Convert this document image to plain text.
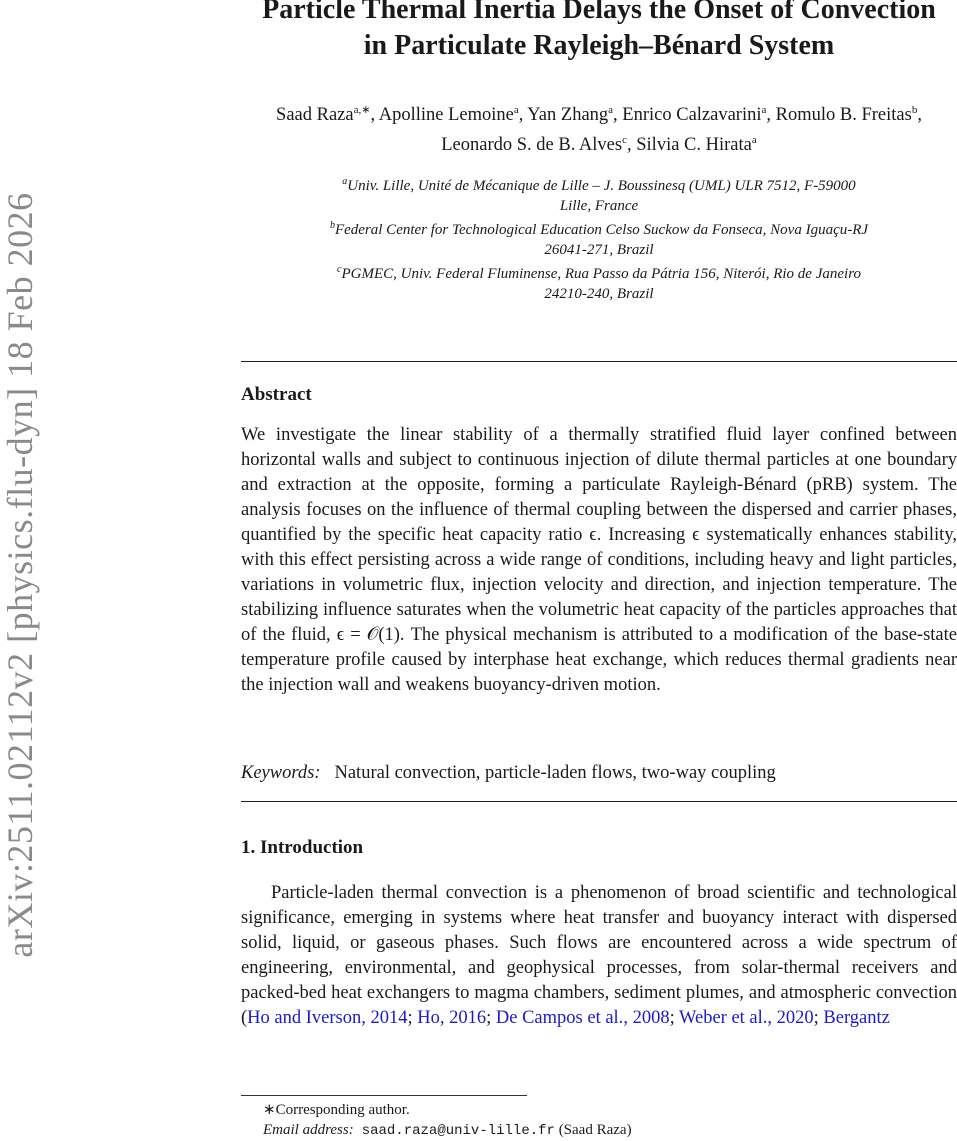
arXiv:2511.02112v2 [physics.flu-dyn] 18 Feb 2026
Particle Thermal Inertia Delays the Onset of Convection
in Particulate Rayleigh–Bénard System
Saad Raza$^{a,∗}$, Apolline Lemoine$^a$, Yan Zhang$^a$, Enrico Calzavarini$^a$, Romulo B. Freitas$^b$, Leonardo S. de B. Alves$^c$, Silvia C. Hirata$^a$
$^a$Univ. Lille, Unité de Mécanique de Lille – J. Boussinesq (UML) ULR 7512, F-59000
Lille, France
$^b$Federal Center for Technological Education Celso Suckow da Fonseca, Nova Iguaçu-RJ
26041-271, Brazil
$^c$PGMEC, Univ. Federal Fluminense, Rua Passo da Pátria 156, Niterói, Rio de Janeiro
24210-240, Brazil
Abstract

We investigate the linear stability of a thermally stratified fluid layer confined between horizontal walls and subject to continuous injection of dilute thermal particles at one boundary and extraction at the opposite, forming a particulate Rayleigh-Bénard (pRB) system. The analysis focuses on the influence of thermal coupling between the dispersed and carrier phases, quantified by the specific heat capacity ratio ϵ. Increasing ϵ systematically enhances stability, with this effect persisting across a wide range of conditions, including heavy and light particles, variations in volumetric flux, injection velocity and direction, and injection temperature. The stabilizing influence saturates when the volumetric heat capacity of the particles approaches that of the fluid, ϵ = 𝒪(1). The physical mechanism is attributed to a modification of the base-state temperature profile caused by interphase heat exchange, which reduces thermal gradients near the injection wall and weakens buoyancy-driven motion.

Keywords: Natural convection, particle-laden flows, two-way coupling
1. Introduction

Particle-laden thermal convection is a phenomenon of broad scientific and technological significance, emerging in systems where heat transfer and buoyancy interact with dispersed solid, liquid, or gaseous phases. Such flows are encountered across a wide spectrum of engineering, environmental, and geophysical processes, from solar-thermal receivers and packed-bed heat exchangers to magma chambers, sediment plumes, and atmospheric convection (Ho and Iverson, 2014; Ho, 2016; De Campos et al., 2008; Weber et al., 2020; Bergantz

∗Corresponding author.
Email address: saad.raza@univ-lille.fr (Saad Raza)
